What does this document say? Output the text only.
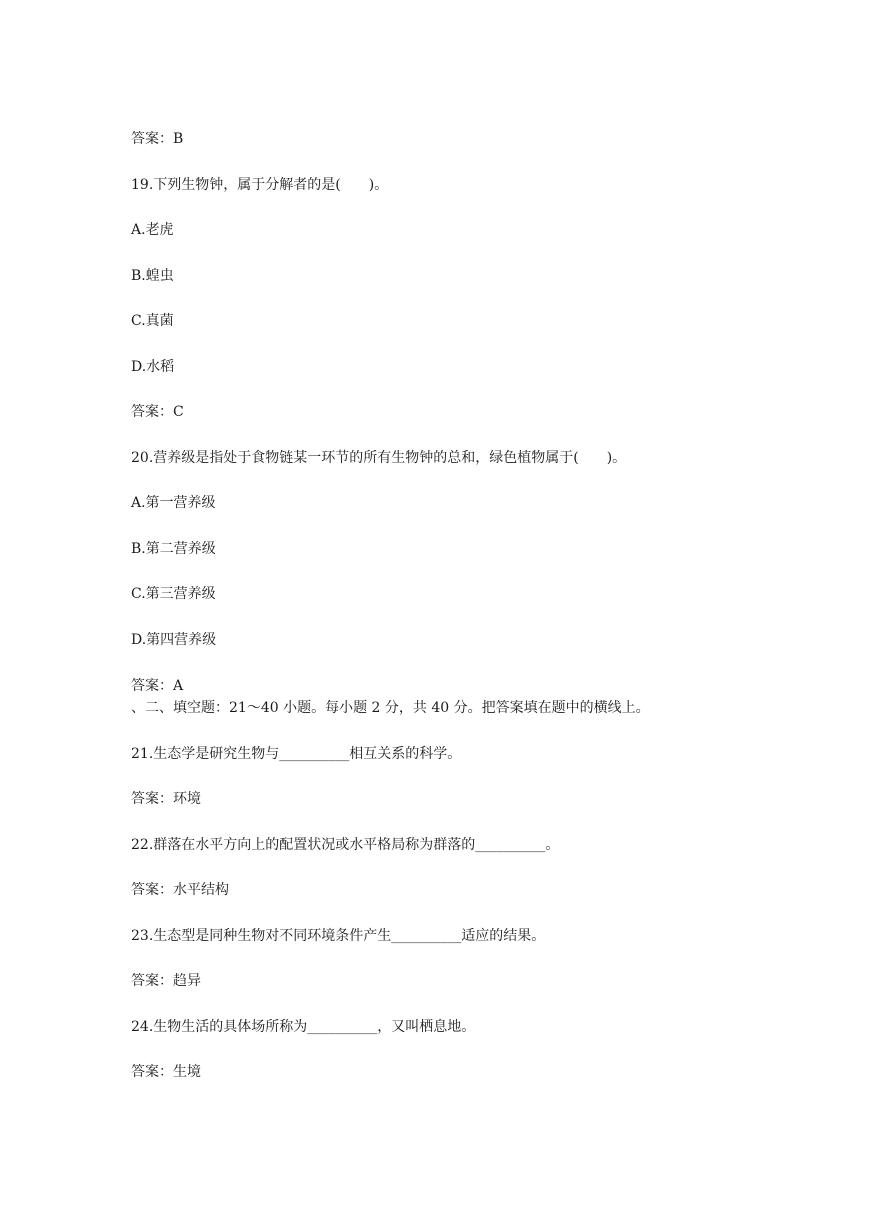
答案：B

19.下列生物钟，属于分解者的是(　　)。

A.老虎

B.蝗虫

C.真菌

D.水稻

答案：C

20.营养级是指处于食物链某一环节的所有生物钟的总和，绿色植物属于(　　)。

A.第一营养级

B.第二营养级

C.第三营养级

D.第四营养级

答案：A

、二、填空题：21～40 小题。每小题 2 分，共 40 分。把答案填在题中的横线上。

21.生态学是研究生物与__________相互关系的科学。

答案：环境

22.群落在水平方向上的配置状况或水平格局称为群落的__________。

答案：水平结构

23.生态型是同种生物对不同环境条件产生__________适应的结果。

答案：趋异

24.生物生活的具体场所称为__________，又叫栖息地。

答案：生境
